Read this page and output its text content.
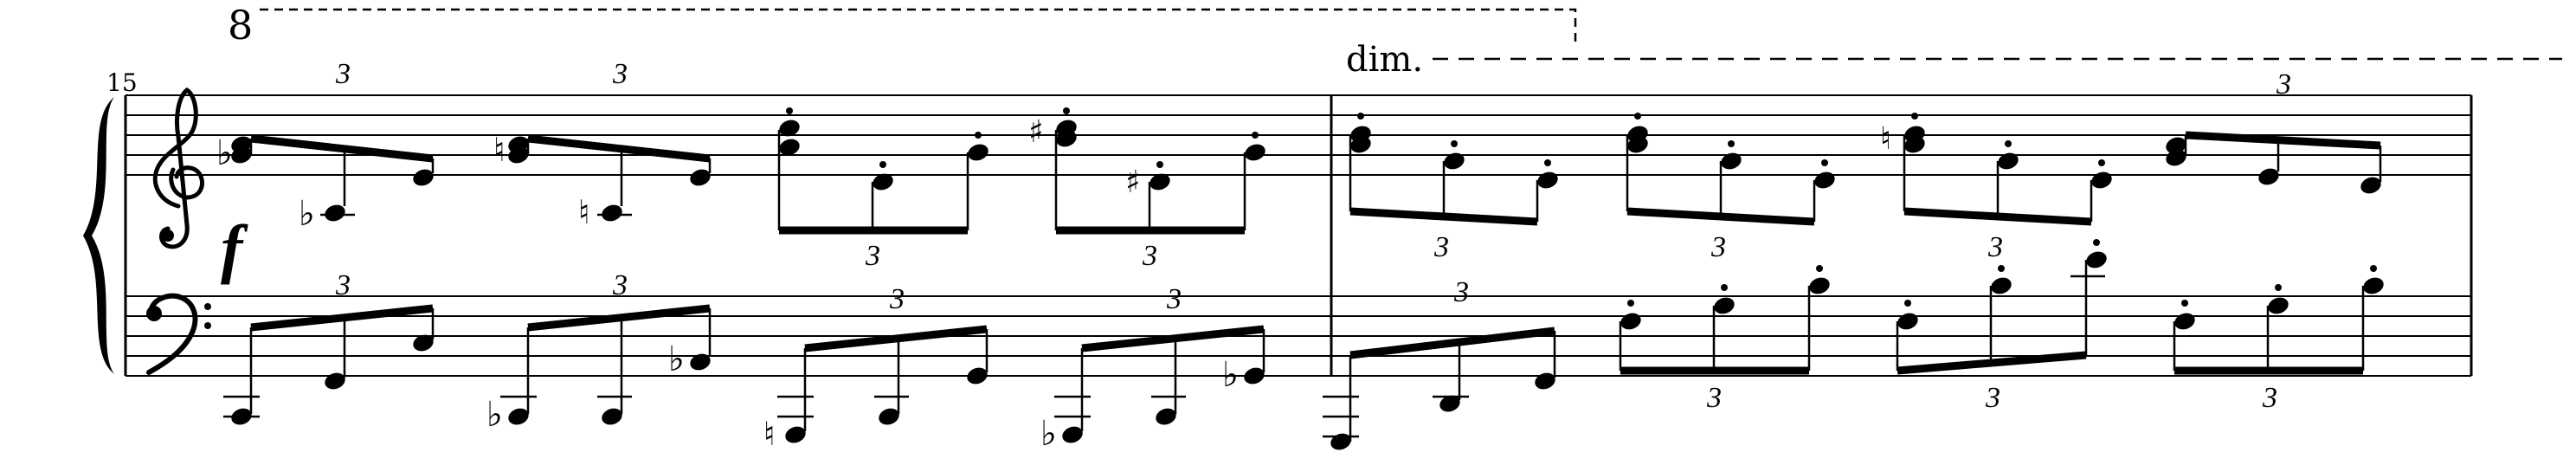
8
dim.
15
f
♭
♭
3
♮
♮
3
3
♯
♯
3	3	3
♮
3
3
3
♭
♭
3
♮
3
♭
♭
3	3
3	3	3
